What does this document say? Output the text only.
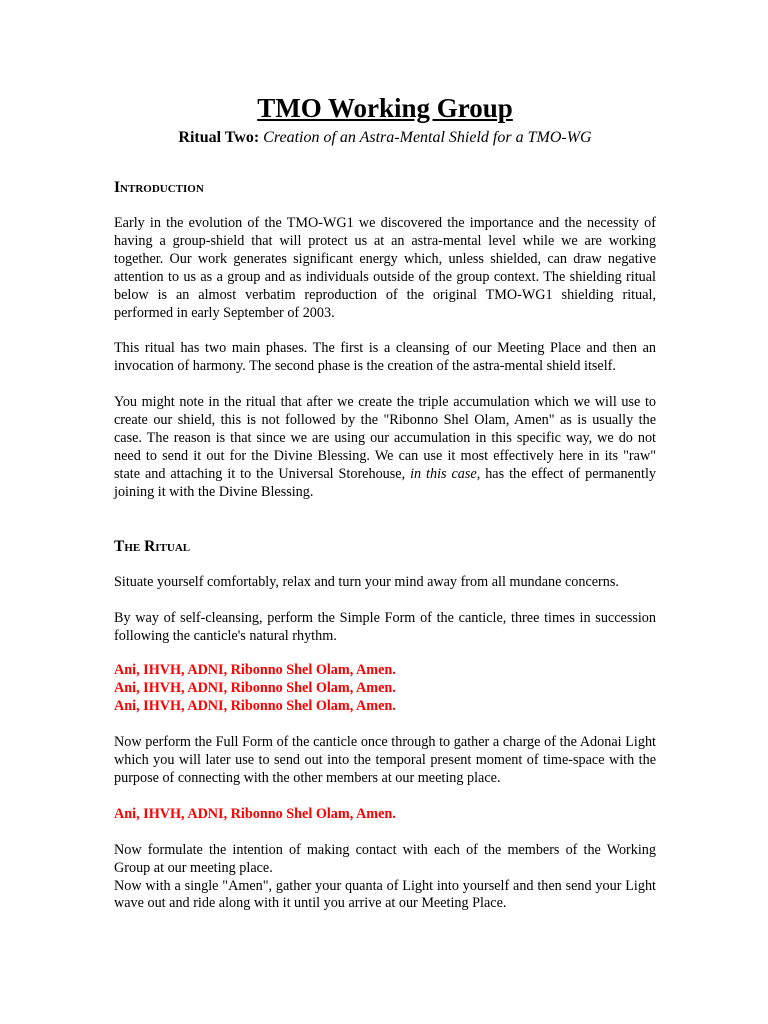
TMO Working Group
Ritual Two: Creation of an Astra-Mental Shield for a TMO-WG
Introduction

Early in the evolution of the TMO-WG1 we discovered the importance and the necessity of having a group-shield that will protect us at an astra-mental level while we are working together. Our work generates significant energy which, unless shielded, can draw negative attention to us as a group and as individuals outside of the group context. The shielding ritual below is an almost verbatim reproduction of the original TMO-WG1 shielding ritual, performed in early September of 2003.

This ritual has two main phases. The first is a cleansing of our Meeting Place and then an invocation of harmony. The second phase is the creation of the astra-mental shield itself.

You might note in the ritual that after we create the triple accumulation which we will use to create our shield, this is not followed by the "Ribonno Shel Olam, Amen" as is usually the case. The reason is that since we are using our accumulation in this specific way, we do not need to send it out for the Divine Blessing. We can use it most effectively here in its "raw" state and attaching it to the Universal Storehouse, in this case, has the effect of permanently joining it with the Divine Blessing.

The Ritual

Situate yourself comfortably, relax and turn your mind away from all mundane concerns.

By way of self-cleansing, perform the Simple Form of the canticle, three times in succession following the canticle's natural rhythm.

Ani, IHVH, ADNI, Ribonno Shel Olam, Amen.

Ani, IHVH, ADNI, Ribonno Shel Olam, Amen.

Ani, IHVH, ADNI, Ribonno Shel Olam, Amen.

Now perform the Full Form of the canticle once through to gather a charge of the Adonai Light which you will later use to send out into the temporal present moment of time-space with the purpose of connecting with the other members at our meeting place.

Ani, IHVH, ADNI, Ribonno Shel Olam, Amen.

Now formulate the intention of making contact with each of the members of the Working Group at our meeting place.

Now with a single "Amen", gather your quanta of Light into yourself and then send your Light wave out and ride along with it until you arrive at our Meeting Place.
